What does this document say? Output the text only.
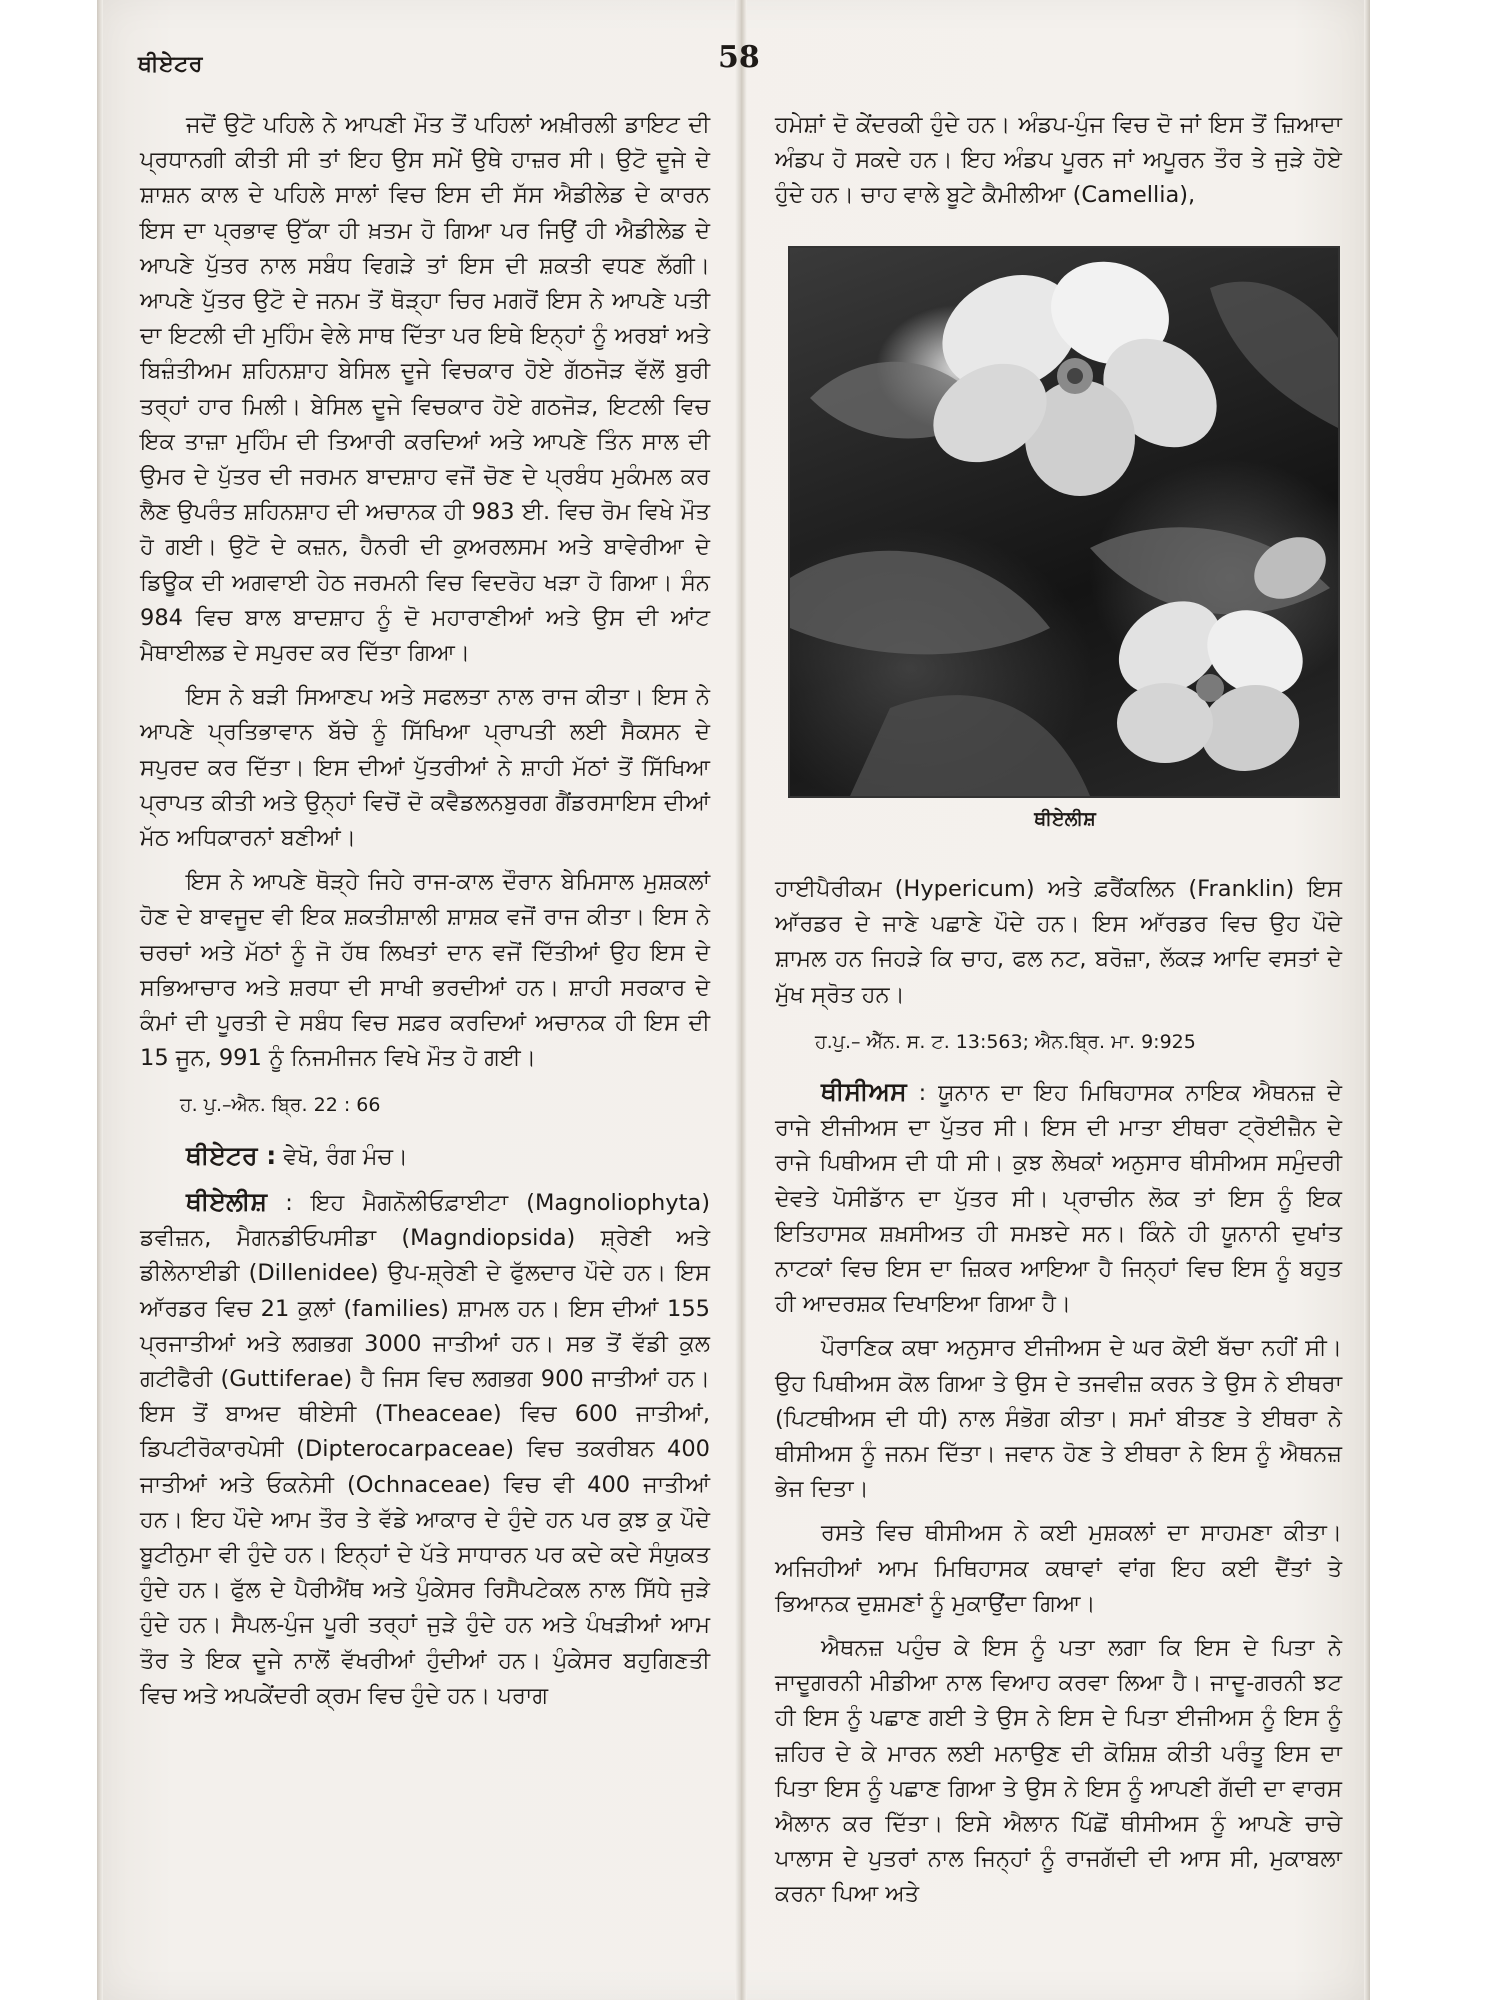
ਥੀਏਟਰ	58

ਜਦੋਂ ਉਟੋ ਪਹਿਲੇ ਨੇ ਆਪਣੀ ਮੌਤ ਤੋਂ ਪਹਿਲਾਂ ਅਖ਼ੀਰਲੀ ਡਾਇਟ ਦੀ ਪ੍ਰਧਾਨਗੀ ਕੀਤੀ ਸੀ ਤਾਂ ਇਹ ਉਸ ਸਮੇਂ ਉਥੇ ਹਾਜ਼ਰ ਸੀ। ਉਟੋ ਦੂਜੇ ਦੇ ਸ਼ਾਸ਼ਨ ਕਾਲ ਦੇ ਪਹਿਲੇ ਸਾਲਾਂ ਵਿਚ ਇਸ ਦੀ ਸੱਸ ਐਡੀਲੇਡ ਦੇ ਕਾਰਨ ਇਸ ਦਾ ਪ੍ਰਭਾਵ ਉੱਕਾ ਹੀ ਖ਼ਤਮ ਹੋ ਗਿਆ ਪਰ ਜਿਉਂ ਹੀ ਐਡੀਲੇਡ ਦੇ ਆਪਣੇ ਪੁੱਤਰ ਨਾਲ ਸਬੰਧ ਵਿਗੜੇ ਤਾਂ ਇਸ ਦੀ ਸ਼ਕਤੀ ਵਧਣ ਲੱਗੀ। ਆਪਣੇ ਪੁੱਤਰ ਉਟੋ ਦੇ ਜਨਮ ਤੋਂ ਥੋੜ੍ਹਾ ਚਿਰ ਮਗਰੋਂ ਇਸ ਨੇ ਆਪਣੇ ਪਤੀ ਦਾ ਇਟਲੀ ਦੀ ਮੁਹਿੰਮ ਵੇਲੇ ਸਾਥ ਦਿੱਤਾ ਪਰ ਇਥੇ ਇਨ੍ਹਾਂ ਨੂੰ ਅਰਬਾਂ ਅਤੇ ਬਿਜ਼ੰਤੀਅਮ ਸ਼ਹਿਨਸ਼ਾਹ ਬੇਸਿਲ ਦੂਜੇ ਵਿਚਕਾਰ ਹੋਏ ਗੱਠਜੋੜ ਵੱਲੋਂ ਬੁਰੀ ਤਰ੍ਹਾਂ ਹਾਰ ਮਿਲੀ। ਬੇਸਿਲ ਦੂਜੇ ਵਿਚਕਾਰ ਹੋਏ ਗਠਜੋੜ, ਇਟਲੀ ਵਿਚ ਇਕ ਤਾਜ਼ਾ ਮੁਹਿੰਮ ਦੀ ਤਿਆਰੀ ਕਰਦਿਆਂ ਅਤੇ ਆਪਣੇ ਤਿੰਨ ਸਾਲ ਦੀ ਉਮਰ ਦੇ ਪੁੱਤਰ ਦੀ ਜਰਮਨ ਬਾਦਸ਼ਾਹ ਵਜੋਂ ਚੋਣ ਦੇ ਪ੍ਰਬੰਧ ਮੁਕੰਮਲ ਕਰ ਲੈਣ ਉਪਰੰਤ ਸ਼ਹਿਨਸ਼ਾਹ ਦੀ ਅਚਾਨਕ ਹੀ 983 ਈ. ਵਿਚ ਰੋਮ ਵਿਖੇ ਮੌਤ ਹੋ ਗਈ। ਉਟੋ ਦੇ ਕਜ਼ਨ, ਹੈਨਰੀ ਦੀ ਕੁਅਰਲਸਮ ਅਤੇ ਬਾਵੇਰੀਆ ਦੇ ਡਿਊਕ ਦੀ ਅਗਵਾਈ ਹੇਠ ਜਰਮਨੀ ਵਿਚ ਵਿਦਰੋਹ ਖੜਾ ਹੋ ਗਿਆ। ਸੰਨ 984 ਵਿਚ ਬਾਲ ਬਾਦਸ਼ਾਹ ਨੂੰ ਦੋ ਮਹਾਰਾਣੀਆਂ ਅਤੇ ਉਸ ਦੀ ਆਂਟ ਮੈਥਾਈਲਡ ਦੇ ਸਪੁਰਦ ਕਰ ਦਿੱਤਾ ਗਿਆ।

ਇਸ ਨੇ ਬੜੀ ਸਿਆਣਪ ਅਤੇ ਸਫਲਤਾ ਨਾਲ ਰਾਜ ਕੀਤਾ। ਇਸ ਨੇ ਆਪਣੇ ਪ੍ਰਤਿਭਾਵਾਨ ਬੱਚੇ ਨੂੰ ਸਿੱਖਿਆ ਪ੍ਰਾਪਤੀ ਲਈ ਸੈਕਸਨ ਦੇ ਸਪੁਰਦ ਕਰ ਦਿੱਤਾ। ਇਸ ਦੀਆਂ ਪੁੱਤਰੀਆਂ ਨੇ ਸ਼ਾਹੀ ਮੱਠਾਂ ਤੋਂ ਸਿੱਖਿਆ ਪ੍ਰਾਪਤ ਕੀਤੀ ਅਤੇ ਉਨ੍ਹਾਂ ਵਿਚੋਂ ਦੋ ਕਵੈਡਲਨਬੁਰਗ ਗੈਂਡਰਸਾਇਸ ਦੀਆਂ ਮੱਠ ਅਧਿਕਾਰਨਾਂ ਬਣੀਆਂ।

ਇਸ ਨੇ ਆਪਣੇ ਥੋੜ੍ਹੇ ਜਿਹੇ ਰਾਜ-ਕਾਲ ਦੌਰਾਨ ਬੇਮਿਸਾਲ ਮੁਸ਼ਕਲਾਂ ਹੋਣ ਦੇ ਬਾਵਜੂਦ ਵੀ ਇਕ ਸ਼ਕਤੀਸ਼ਾਲੀ ਸ਼ਾਸ਼ਕ ਵਜੋਂ ਰਾਜ ਕੀਤਾ। ਇਸ ਨੇ ਚਰਚਾਂ ਅਤੇ ਮੱਠਾਂ ਨੂੰ ਜੋ ਹੱਥ ਲਿਖਤਾਂ ਦਾਨ ਵਜੋਂ ਦਿੱਤੀਆਂ ਉਹ ਇਸ ਦੇ ਸਭਿਆਚਾਰ ਅਤੇ ਸ਼ਰਧਾ ਦੀ ਸਾਖੀ ਭਰਦੀਆਂ ਹਨ। ਸ਼ਾਹੀ ਸਰਕਾਰ ਦੇ ਕੰਮਾਂ ਦੀ ਪੂਰਤੀ ਦੇ ਸਬੰਧ ਵਿਚ ਸਫ਼ਰ ਕਰਦਿਆਂ ਅਚਾਨਕ ਹੀ ਇਸ ਦੀ 15 ਜੂਨ, 991 ਨੂੰ ਨਿਜਮੀਜਨ ਵਿਖੇ ਮੌਤ ਹੋ ਗਈ।

ਹ. ਪੁ.–ਐਨ. ਬ੍ਰਿ. 22 : 66

ਥੀਏਟਰ : ਵੇਖੋ, ਰੰਗ ਮੰਚ।

ਥੀਏਲੀਸ਼ : ਇਹ ਮੈਗਨੋਲੀਓਫ਼ਾਈਟਾ (Magnoliophyta) ਡਵੀਜ਼ਨ, ਮੈਗਨਡੀਓਪਸੀਡਾ (Magndiopsida) ਸ਼੍ਰੇਣੀ ਅਤੇ ਡੀਲੇਨਾਈਡੀ (Dillenidee) ਉਪ-ਸ਼੍ਰੇਣੀ ਦੇ ਫੁੱਲਦਾਰ ਪੌਦੇ ਹਨ। ਇਸ ਆੱਰਡਰ ਵਿਚ 21 ਕੁਲਾਂ (families) ਸ਼ਾਮਲ ਹਨ। ਇਸ ਦੀਆਂ 155 ਪ੍ਰਜਾਤੀਆਂ ਅਤੇ ਲਗਭਗ 3000 ਜਾਤੀਆਂ ਹਨ। ਸਭ ਤੋਂ ਵੱਡੀ ਕੁਲ ਗਟੀਫੈਰੀ (Guttiferae) ਹੈ ਜਿਸ ਵਿਚ ਲਗਭਗ 900 ਜਾਤੀਆਂ ਹਨ। ਇਸ ਤੋਂ ਬਾਅਦ ਥੀਏਸੀ (Theaceae) ਵਿਚ 600 ਜਾਤੀਆਂ, ਡਿਪਟੀਰੋਕਾਰਪੇਸੀ (Dipterocarpaceae) ਵਿਚ ਤਕਰੀਬਨ 400 ਜਾਤੀਆਂ ਅਤੇ ਓਕਨੇਸੀ (Ochnaceae) ਵਿਚ ਵੀ 400 ਜਾਤੀਆਂ ਹਨ। ਇਹ ਪੌਦੇ ਆਮ ਤੌਰ ਤੇ ਵੱਡੇ ਆਕਾਰ ਦੇ ਹੁੰਦੇ ਹਨ ਪਰ ਕੁਝ ਕੁ ਪੌਦੇ ਬੂਟੀਨੁਮਾ ਵੀ ਹੁੰਦੇ ਹਨ। ਇਨ੍ਹਾਂ ਦੇ ਪੱਤੇ ਸਾਧਾਰਨ ਪਰ ਕਦੇ ਕਦੇ ਸੰਯੁਕਤ ਹੁੰਦੇ ਹਨ। ਫੁੱਲ ਦੇ ਪੈਰੀਐਂਥ ਅਤੇ ਪੁੰਕੇਸਰ ਰਿਸੈਪਟੇਕਲ ਨਾਲ ਸਿੱਧੇ ਜੁੜੇ ਹੁੰਦੇ ਹਨ। ਸੈਪਲ-ਪੁੰਜ ਪੂਰੀ ਤਰ੍ਹਾਂ ਜੁੜੇ ਹੁੰਦੇ ਹਨ ਅਤੇ ਪੰਖੜੀਆਂ ਆਮ ਤੌਰ ਤੇ ਇਕ ਦੂਜੇ ਨਾਲੋਂ ਵੱਖਰੀਆਂ ਹੁੰਦੀਆਂ ਹਨ। ਪੁੰਕੇਸਰ ਬਹੁਗਿਣਤੀ ਵਿਚ ਅਤੇ ਅਪਕੇਂਦਰੀ ਕ੍ਰਮ ਵਿਚ ਹੁੰਦੇ ਹਨ। ਪਰਾਗ

ਹਮੇਸ਼ਾਂ ਦੋ ਕੇਂਦਰਕੀ ਹੁੰਦੇ ਹਨ। ਅੰਡਪ-ਪੁੰਜ ਵਿਚ ਦੋ ਜਾਂ ਇਸ ਤੋਂ ਜ਼ਿਆਦਾ ਅੰਡਪ ਹੋ ਸਕਦੇ ਹਨ। ਇਹ ਅੰਡਪ ਪੂਰਨ ਜਾਂ ਅਪੂਰਨ ਤੌਰ ਤੇ ਜੁੜੇ ਹੋਏ ਹੁੰਦੇ ਹਨ। ਚਾਹ ਵਾਲੇ ਬੂਟੇ ਕੈਮੀਲੀਆ (Camellia),

ਥੀਏਲੀਸ਼

ਹਾਈਪੈਰੀਕਮ (Hypericum) ਅਤੇ ਫ਼ਰੈਂਕਲਿਨ (Franklin) ਇਸ ਆੱਰਡਰ ਦੇ ਜਾਣੇ ਪਛਾਣੇ ਪੌਦੇ ਹਨ। ਇਸ ਆੱਰਡਰ ਵਿਚ ਉਹ ਪੌਦੇ ਸ਼ਾਮਲ ਹਨ ਜਿਹੜੇ ਕਿ ਚਾਹ, ਫਲ ਨਟ, ਬਰੋਜ਼ਾ, ਲੱਕੜ ਆਦਿ ਵਸਤਾਂ ਦੇ ਮੁੱਖ ਸ੍ਰੋਤ ਹਨ।

ਹ.ਪੁ.– ਐੱਨ. ਸ. ਟ. 13:563; ਐਨ.ਬ੍ਰਿ. ਮਾ. 9:925

ਥੀਸੀਅਸ : ਯੂਨਾਨ ਦਾ ਇਹ ਮਿਥਿਹਾਸਕ ਨਾਇਕ ਐਥਨਜ਼ ਦੇ ਰਾਜੇ ਈਜੀਅਸ ਦਾ ਪੁੱਤਰ ਸੀ। ਇਸ ਦੀ ਮਾਤਾ ਈਥਰਾ ਟ੍ਰੋਈਜ਼ੈਨ ਦੇ ਰਾਜੇ ਪਿਥੀਅਸ ਦੀ ਧੀ ਸੀ। ਕੁਝ ਲੇਖਕਾਂ ਅਨੁਸਾਰ ਥੀਸੀਅਸ ਸਮੁੰਦਰੀ ਦੇਵਤੇ ਪੋਸੀਡਾੱਨ ਦਾ ਪੁੱਤਰ ਸੀ। ਪ੍ਰਾਚੀਨ ਲੋਕ ਤਾਂ ਇਸ ਨੂੰ ਇਕ ਇਤਿਹਾਸਕ ਸ਼ਖ਼ਸੀਅਤ ਹੀ ਸਮਝਦੇ ਸਨ। ਕਿੰਨੇ ਹੀ ਯੂਨਾਨੀ ਦੁਖਾਂਤ ਨਾਟਕਾਂ ਵਿਚ ਇਸ ਦਾ ਜ਼ਿਕਰ ਆਇਆ ਹੈ ਜਿਨ੍ਹਾਂ ਵਿਚ ਇਸ ਨੂੰ ਬਹੁਤ ਹੀ ਆਦਰਸ਼ਕ ਦਿਖਾਇਆ ਗਿਆ ਹੈ।

ਪੌਰਾਣਿਕ ਕਥਾ ਅਨੁਸਾਰ ਈਜੀਅਸ ਦੇ ਘਰ ਕੋਈ ਬੱਚਾ ਨਹੀਂ ਸੀ। ਉਹ ਪਿਥੀਅਸ ਕੋਲ ਗਿਆ ਤੇ ਉਸ ਦੇ ਤਜਵੀਜ਼ ਕਰਨ ਤੇ ਉਸ ਨੇ ਈਥਰਾ (ਪਿਟਥੀਅਸ ਦੀ ਧੀ) ਨਾਲ ਸੰਭੋਗ ਕੀਤਾ। ਸਮਾਂ ਬੀਤਣ ਤੇ ਈਥਰਾ ਨੇ ਥੀਸੀਅਸ ਨੂੰ ਜਨਮ ਦਿੱਤਾ। ਜਵਾਨ ਹੋਣ ਤੇ ਈਥਰਾ ਨੇ ਇਸ ਨੂੰ ਐਥਨਜ਼ ਭੇਜ ਦਿਤਾ।

ਰਸਤੇ ਵਿਚ ਥੀਸੀਅਸ ਨੇ ਕਈ ਮੁਸ਼ਕਲਾਂ ਦਾ ਸਾਹਮਣਾ ਕੀਤਾ। ਅਜਿਹੀਆਂ ਆਮ ਮਿਥਿਹਾਸਕ ਕਥਾਵਾਂ ਵਾਂਗ ਇਹ ਕਈ ਦੈਂਤਾਂ ਤੇ ਭਿਆਨਕ ਦੁਸ਼ਮਣਾਂ ਨੂੰ ਮੁਕਾਉਂਦਾ ਗਿਆ।

ਐਥਨਜ਼ ਪਹੁੰਚ ਕੇ ਇਸ ਨੂੰ ਪਤਾ ਲਗਾ ਕਿ ਇਸ ਦੇ ਪਿਤਾ ਨੇ ਜਾਦੂਗਰਨੀ ਮੀਡੀਆ ਨਾਲ ਵਿਆਹ ਕਰਵਾ ਲਿਆ ਹੈ। ਜਾਦੂ-ਗਰਨੀ ਝਟ ਹੀ ਇਸ ਨੂੰ ਪਛਾਣ ਗਈ ਤੇ ਉਸ ਨੇ ਇਸ ਦੇ ਪਿਤਾ ਈਜੀਅਸ ਨੂੰ ਇਸ ਨੂੰ ਜ਼ਹਿਰ ਦੇ ਕੇ ਮਾਰਨ ਲਈ ਮਨਾਉਣ ਦੀ ਕੋਸ਼ਿਸ਼ ਕੀਤੀ ਪਰੰਤੂ ਇਸ ਦਾ ਪਿਤਾ ਇਸ ਨੂੰ ਪਛਾਣ ਗਿਆ ਤੇ ਉਸ ਨੇ ਇਸ ਨੂੰ ਆਪਣੀ ਗੱਦੀ ਦਾ ਵਾਰਸ ਐਲਾਨ ਕਰ ਦਿੱਤਾ। ਇਸੇ ਐਲਾਨ ਪਿੱਛੋਂ ਥੀਸੀਅਸ ਨੂੰ ਆਪਣੇ ਚਾਚੇ ਪਾਲਾਸ ਦੇ ਪੁਤਰਾਂ ਨਾਲ ਜਿਨ੍ਹਾਂ ਨੂੰ ਰਾਜਗੱਦੀ ਦੀ ਆਸ ਸੀ, ਮੁਕਾਬਲਾ ਕਰਨਾ ਪਿਆ ਅਤੇ
